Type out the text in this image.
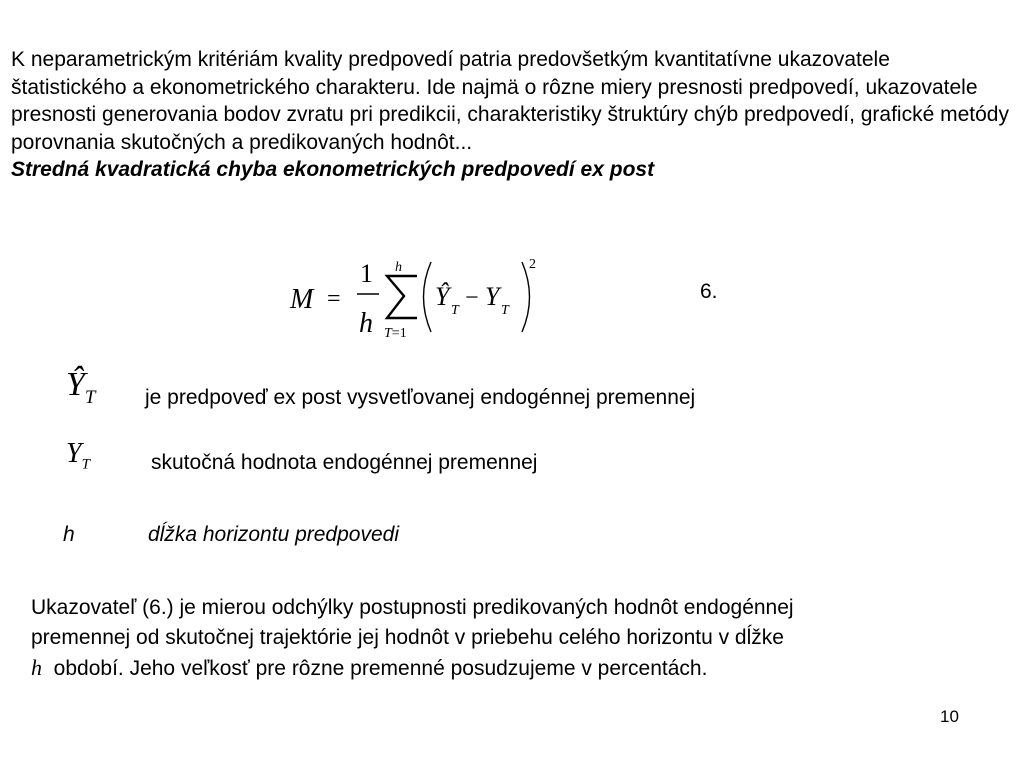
K neparametrickým kritériám kvality predpovedí patria predovšetkým kvantitatívne ukazovatele štatistického a ekonometrického charakteru. Ide najmä o rôzne miery presnosti predpovedí, ukazovatele presnosti generovania bodov zvratu pri predikcii, charakteristiky štruktúry chýb predpovedí, grafické metódy porovnania skutočných a predikovaných hodnôt...

Stredná kvadratická chyba ekonometrických predpovedí ex post

M =
1
h
h
T=1
Ŷ T − Y T
2
6.
$Ŷ_T$ je predpoveď ex post vysvetľovanej endogénnej premennej
$Y_T$	skutočná hodnota endogénnej premennej
h	dĺžka horizontu predpovedi

Ukazovateľ (6.) je mierou odchýlky postupnosti predikovaných hodnôt endogénnej

premennej od skutočnej trajektórie jej hodnôt v priebehu celého horizontu v dĺžke

h období. Jeho veľkosť pre rôzne premenné posudzujeme v percentách.

10
